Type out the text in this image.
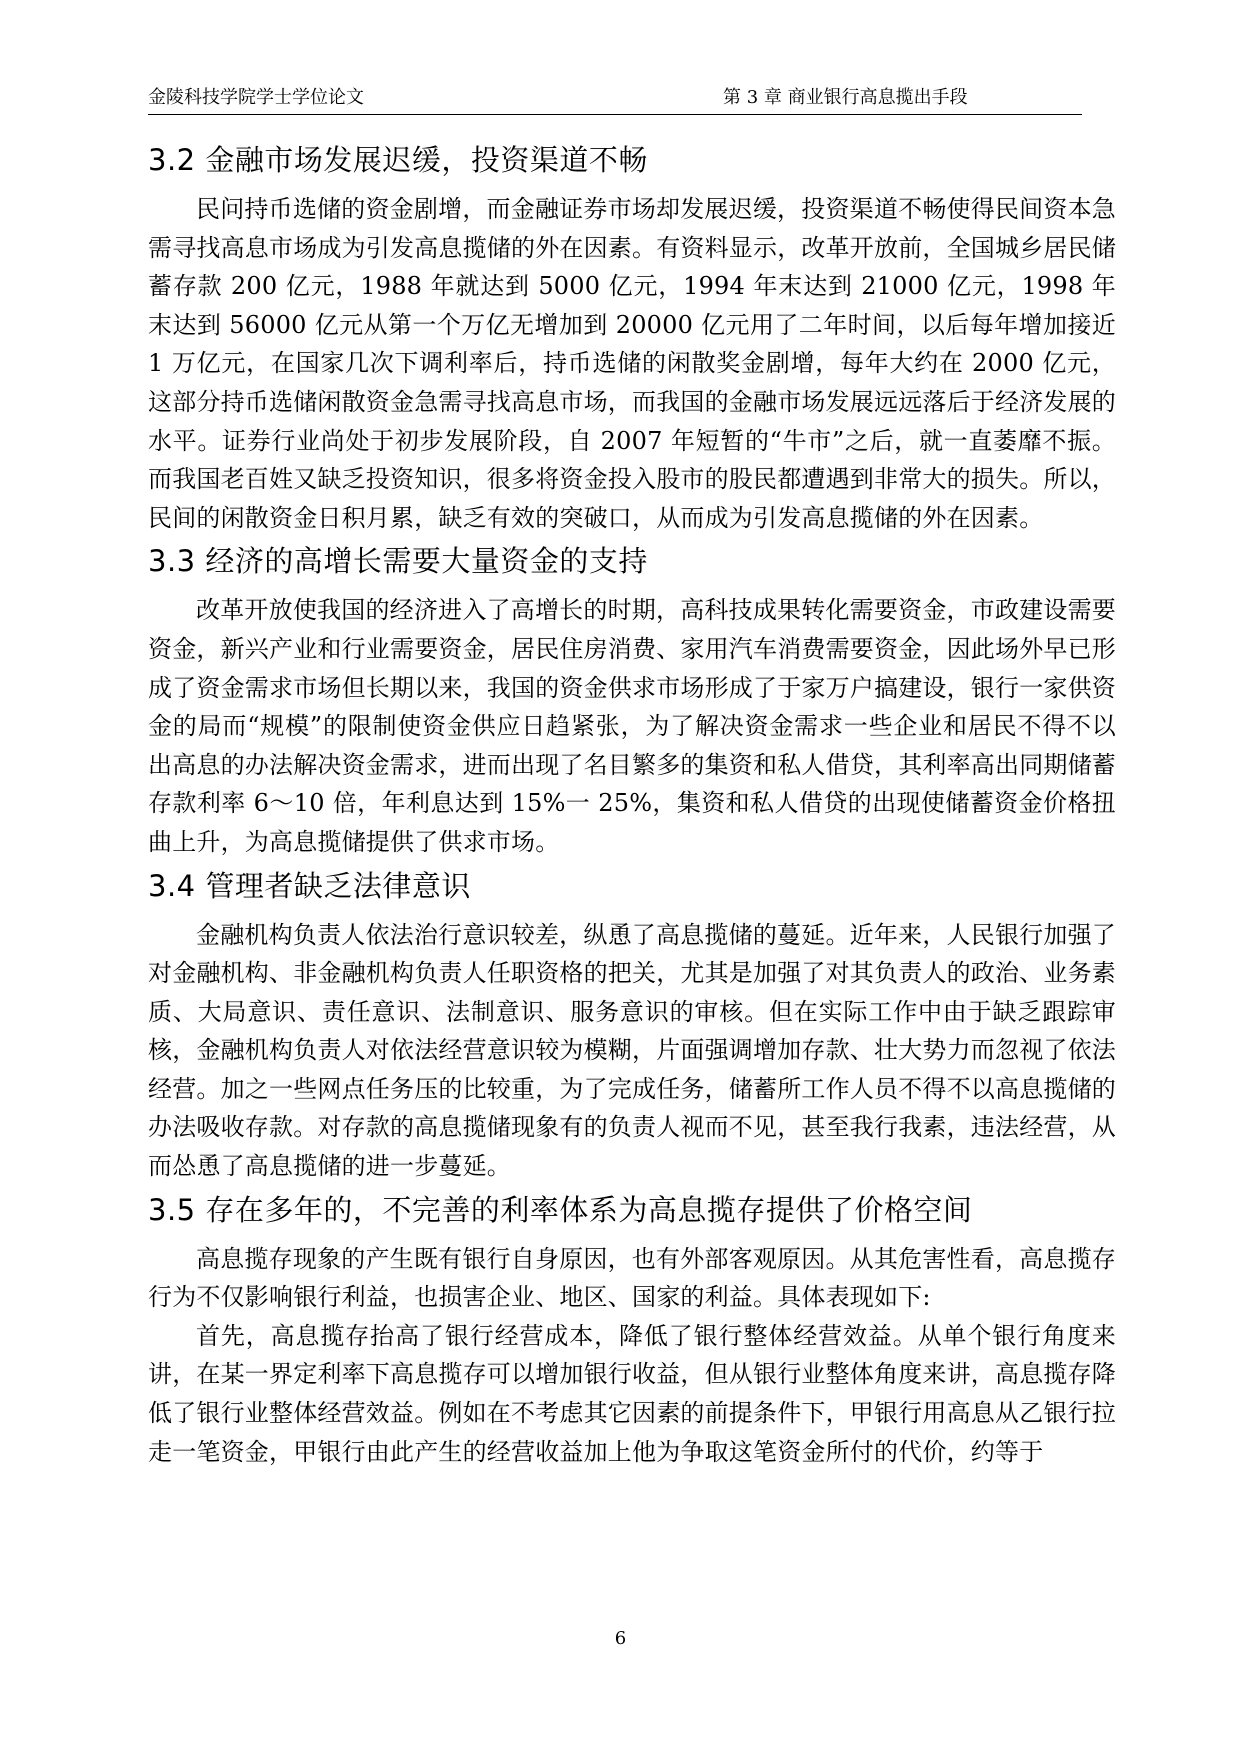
金陵科技学院学士学位论文	第 3 章 商业银行高息揽出手段
3.2 金融市场发展迟缓，投资渠道不畅

民问持币选储的资金剧增，而金融证券市场却发展迟缓，投资渠道不畅使得民间资本急需寻找高息市场成为引发高息揽储的外在因素。有资料显示，改革开放前，全国城乡居民储蓄存款 200 亿元，1988 年就达到 5000 亿元，1994 年末达到 21000 亿元，1998 年末达到 56000 亿元从第一个万亿无增加到 20000 亿元用了二年时间，以后每年增加接近 1 万亿元，在国家几次下调利率后，持币选储的闲散奖金剧增，每年大约在 2000 亿元，这部分持币选储闲散资金急需寻找高息市场，而我国的金融市场发展远远落后于经济发展的水平。证券行业尚处于初步发展阶段，自 2007 年短暂的“牛市”之后，就一直萎靡不振。而我国老百姓又缺乏投资知识，很多将资金投入股市的股民都遭遇到非常大的损失。所以，民间的闲散资金日积月累，缺乏有效的突破口，从而成为引发高息揽储的外在因素。

3.3 经济的高增长需要大量资金的支持

改革开放使我国的经济进入了高增长的时期，高科技成果转化需要资金，市政建设需要资金，新兴产业和行业需要资金，居民住房消费、家用汽车消费需要资金，因此场外早已形成了资金需求市场但长期以来，我国的资金供求市场形成了于家万户搞建设，银行一家供资金的局而“规模”的限制使资金供应日趋紧张，为了解决资金需求一些企业和居民不得不以出高息的办法解决资金需求，进而出现了名目繁多的集资和私人借贷，其利率高出同期储蓄存款利率 6～10 倍，年利息达到 15%一 25%，集资和私人借贷的出现使储蓄资金价格扭曲上升，为高息揽储提供了供求市场。

3.4 管理者缺乏法律意识

金融机构负责人依法治行意识较差，纵恿了高息揽储的蔓延。近年来，人民银行加强了对金融机构、非金融机构负责人任职资格的把关，尤其是加强了对其负责人的政治、业务素质、大局意识、责任意识、法制意识、服务意识的审核。但在实际工作中由于缺乏跟踪审核，金融机构负责人对依法经营意识较为模糊，片面强调增加存款、壮大势力而忽视了依法经营。加之一些网点任务压的比较重，为了完成任务，储蓄所工作人员不得不以高息揽储的办法吸收存款。对存款的高息揽储现象有的负责人视而不见，甚至我行我素，违法经营，从而怂恿了高息揽储的进一步蔓延。

3.5 存在多年的，不完善的利率体系为高息揽存提供了价格空间

高息揽存现象的产生既有银行自身原因，也有外部客观原因。从其危害性看，高息揽存行为不仅影响银行利益，也损害企业、地区、国家的利益。具体表现如下:

首先，高息揽存抬高了银行经营成本，降低了银行整体经营效益。从单个银行角度来讲，在某一界定利率下高息揽存可以增加银行收益，但从银行业整体角度来讲，高息揽存降低了银行业整体经营效益。例如在不考虑其它因素的前提条件下，甲银行用高息从乙银行拉走一笔资金，甲银行由此产生的经营收益加上他为争取这笔资金所付的代价，约等于

6
